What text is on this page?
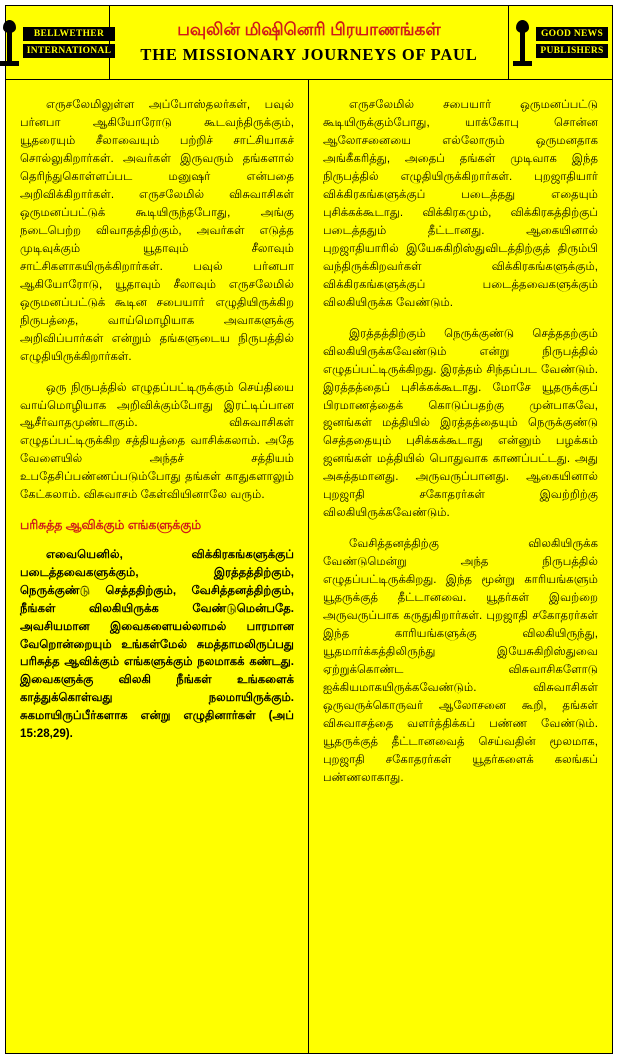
BELLWETHER
INTERNATIONAL
பவுலின் மிஷினெரி பிரயாணங்கள்
THE MISSIONARY JOURNEYS OF PAUL
GOOD NEWS
PUBLISHERS

எருசலேமிலுள்ள அப்போஸ்தலர்கள், பவுல் பர்னபா ஆகியோரோடு கூடவந்திருக்கும், யூதரையும் சீலாவையும் பற்றிச் சாட்சியாகச் சொல்லுகிறார்கள். அவர்கள் இருவரும் தங்களால் தெரிந்துகொள்ளப்பட மனுஷர் என்பதை அறிவிக்கிறார்கள். எருசலேமில் விசுவாசிகள் ஒருமனப்பட்டுக் கூடியிருந்தபோது, அங்கு நடைபெற்ற விவாதத்திற்கும், அவர்கள் எடுத்த முடிவுக்கும் யூதாவும் சீலாவும் சாட்சிகளாகயிருக்கிறார்கள். பவுல் பர்னபா ஆகியோரோடு, யூதாவும் சீலாவும் எருசலேமில் ஒருமனப்பட்டுக் கூடின சபையாா் எழுதியிருக்கிற நிருபத்தை, வாய்மொழியாக அவாகளுக்கு அறிவிப்பார்கள் என்றும் தங்களுடைய நிருபத்தில் எழுதியிருக்கிறார்கள்.

ஒரு நிருபத்தில் எழுதப்பட்டிருக்கும் செய்தியை வாய்மொழியாக அறிவிக்கும்போது இரட்டிப்பான ஆசீர்வாதமுண்டாகும். விசுவாசிகள் எழுதப்பட்டிருக்கிற சத்தியத்தை வாசிக்கலாம். அதே வேளையில் அந்தச் சத்தியம் உபதேசிப்பண்ணப்படும்போது தங்கள் காதுகளாலும் கேட்கலாம். விசுவாசம் கேள்வியினாலே வரும்.

பரிசுத்த ஆவிக்கும் எங்களுக்கும்

எவையெனில், விக்கிரகங்களுக்குப் படைத்தவைகளுக்கும், இரத்தத்திற்கும், நெருக்குண்டு செத்ததிற்கும், வேசித்தனத்திற்கும், நீங்கள் விலகியிருக்க வேண்டுமென்பதே. அவசியமான இவைகளையல்லாமல் பாரமான வேறொன்றையும் உங்கள்மேல் சுமத்தாமலிருப்பது பரிசுத்த ஆவிக்கும் எங்களுக்கும் நலமாகக் கண்டது. இவைகளுக்கு விலகி நீங்கள் உங்களைக் காத்துக்கொள்வது நலமாயிருக்கும். சுகமாயிருப்பீர்களாக என்று எழுதினார்கள் (அப் 15:28,29).

எருசலேமில் சபையார் ஒருமனப்பட்டு கூடியிருக்கும்போது, யாக்கோபு சொன்ன ஆலோசனையை எல்லோரும் ஒருமனதாக அங்கீகரித்து, அதைப் தங்கள் முடிவாக இந்த நிருபத்தில் எழுதியிருக்கிறார்கள். புறஜாதியார் விக்கிரகங்களுக்குப் படைத்தது எதையும் புசிக்கக்கூடாது. விக்கிரகமும், விக்கிரகத்திற்குப் படைத்ததும் தீட்டானது. ஆகையினால் புறஜாதியாரில் இயேசுகிறிஸ்துவிடத்திற்குத் திரும்பி வந்திருக்கிறவர்கள் விக்கிரகங்களுக்கும், விக்கிரகங்களுக்குப் படைத்தவைகளுக்கும் விலகியிருக்க வேண்டும்.

இரத்தத்திற்கும் நெருக்குண்டு செத்ததற்கும் விலகியிருக்கவேண்டும் என்று நிருபத்தில் எழுதப்பட்டிருக்கிறது. இரத்தம் சிந்தப்பட வேண்டும். இரத்தத்தைப் புசிக்கக்கூடாது. மோசே யூதருக்குப் பிரமாணத்தைக் கொடுப்பதற்கு முன்பாகவே, ஜனங்கள் மத்தியில் இரத்தத்தையும் நெருக்குண்டு செத்ததையும் புசிக்கக்கூடாது என்னும் பழக்கம் ஜனங்கள் மத்தியில் பொதுவாக காணப்பட்டது. அது அசுத்தமானது. அருவருப்பானது. ஆகையினால் புறஜாதி சகோதரர்கள் இவற்றிற்கு விலகியிருக்கவேண்டும்.

வேசித்தனத்திற்கு விலகியிருக்க வேண்டுமென்று அந்த நிருபத்தில் எழுதப்பட்டிருக்கிறது. இந்த மூன்று காரியங்களும் யூதருக்குத் தீட்டானவை. யூதர்கள் இவற்றை அருவருப்பாக கருதுகிறார்கள். புறஜாதி சகோதரர்கள் இந்த காரியங்களுக்கு விலகியிருந்து, யூதமார்க்கத்திலிருந்து இயேசுகிறிஸ்துவை ஏற்றுக்கொண்ட விசுவாசிகளோடு ஐக்கியமாகயிருக்கவேண்டும். விசுவாசிகள் ஒருவருக்கொருவர் ஆலோசனை கூறி, தங்கள் விசுவாசத்தை வளர்த்திக்கப் பண்ண வேண்டும். யூதருக்குத் தீட்டானவைத் செய்வதின் மூலமாக, புறஜாதி சகோதரர்கள் யூதர்களைக் கலங்கப் பண்ணலாகாது.
